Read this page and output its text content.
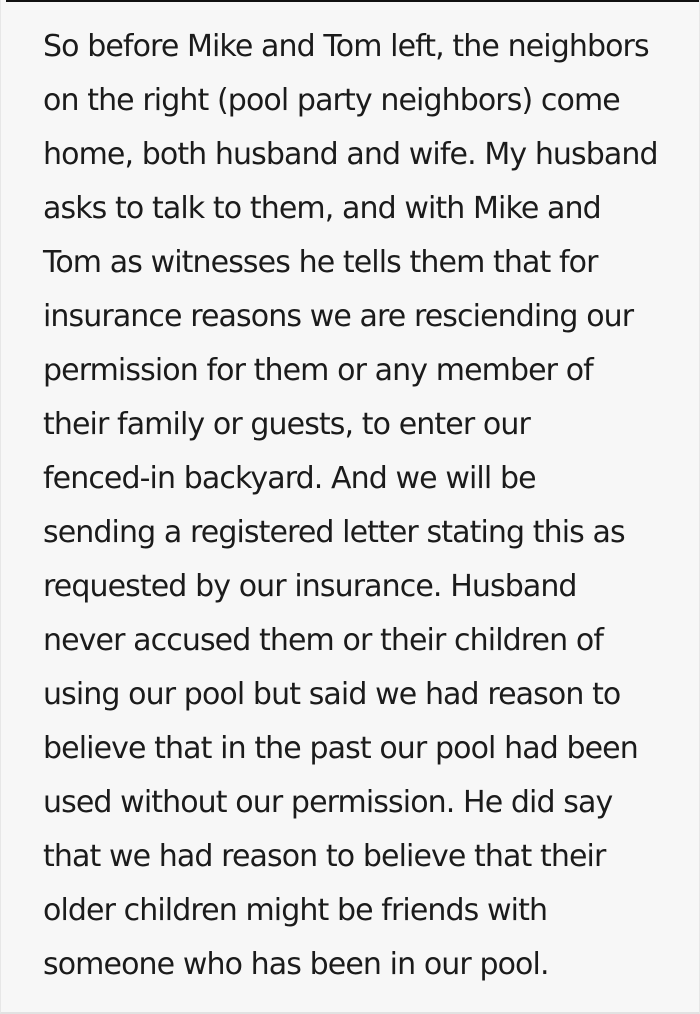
So before Mike and Tom left, the neighbors
on the right (pool party neighbors) come
home, both husband and wife. My husband
asks to talk to them, and with Mike and
Tom as witnesses he tells them that for
insurance reasons we are resciending our
permission for them or any member of
their family or guests, to enter our
fenced-in backyard. And we will be
sending a registered letter stating this as
requested by our insurance. Husband
never accused them or their children of
using our pool but said we had reason to
believe that in the past our pool had been
used without our permission. He did say
that we had reason to believe that their
older children might be friends with
someone who has been in our pool.
